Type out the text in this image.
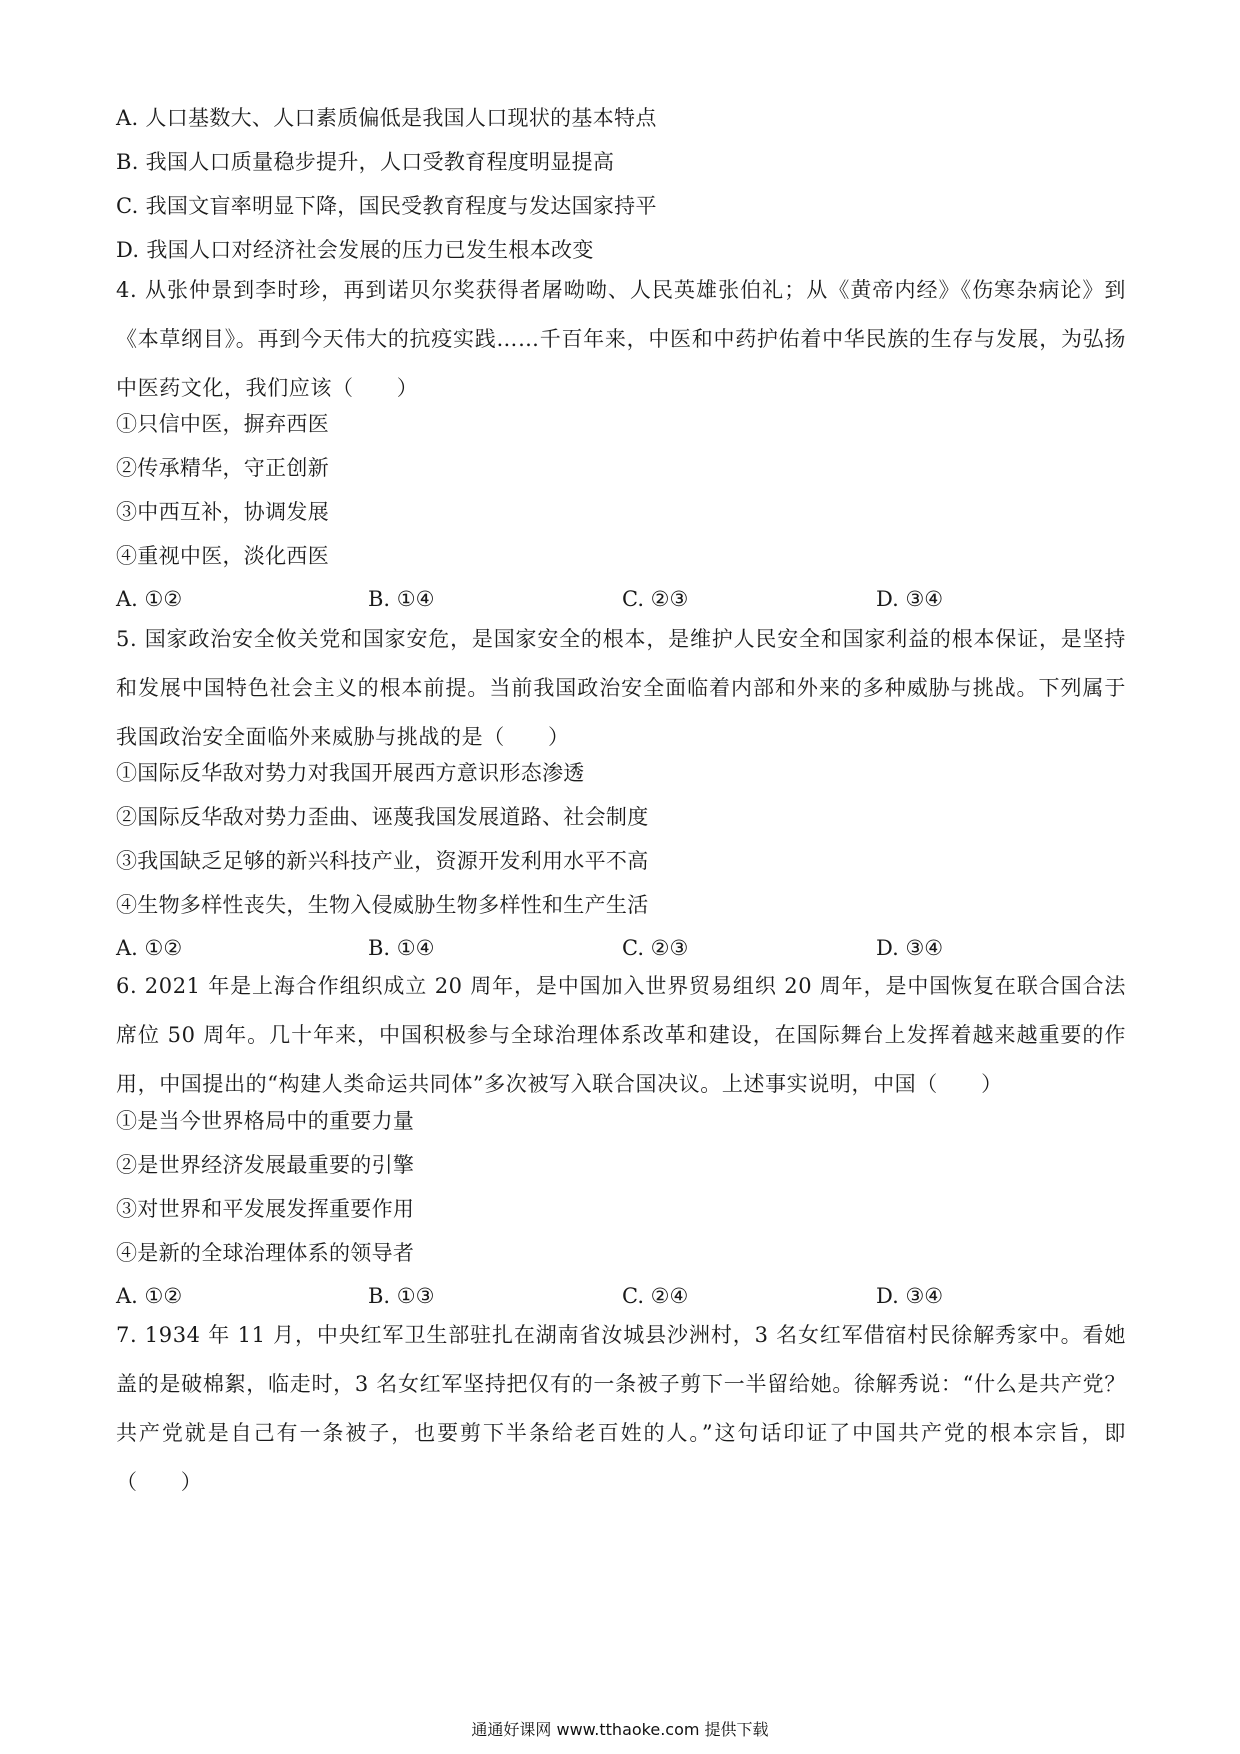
A. 人口基数大、人口素质偏低是我国人口现状的基本特点
B. 我国人口质量稳步提升，人口受教育程度明显提高
C. 我国文盲率明显下降，国民受教育程度与发达国家持平
D. 我国人口对经济社会发展的压力已发生根本改变
4. 从张仲景到李时珍，再到诺贝尔奖获得者屠呦呦、人民英雄张伯礼；从《黄帝内经》《伤寒杂病论》到《本草纲目》。再到今天伟大的抗疫实践……千百年来，中医和中药护佑着中华民族的生存与发展，为弘扬中医药文化，我们应该（　　）
①只信中医，摒弃西医
②传承精华，守正创新
③中西互补，协调发展
④重视中医，淡化西医
A. ①②	B. ①④	C. ②③	D. ③④
5. 国家政治安全攸关党和国家安危，是国家安全的根本，是维护人民安全和国家利益的根本保证，是坚持和发展中国特色社会主义的根本前提。当前我国政治安全面临着内部和外来的多种威胁与挑战。下列属于我国政治安全面临外来威胁与挑战的是（　　）
①国际反华敌对势力对我国开展西方意识形态渗透
②国际反华敌对势力歪曲、诬蔑我国发展道路、社会制度
③我国缺乏足够的新兴科技产业，资源开发利用水平不高
④生物多样性丧失，生物入侵威胁生物多样性和生产生活
A. ①②	B. ①④	C. ②③	D. ③④
6. 2021 年是上海合作组织成立 20 周年，是中国加入世界贸易组织 20 周年，是中国恢复在联合国合法席位 50 周年。几十年来，中国积极参与全球治理体系改革和建设，在国际舞台上发挥着越来越重要的作用，中国提出的“构建人类命运共同体”多次被写入联合国决议。上述事实说明，中国（　　）
①是当今世界格局中的重要力量
②是世界经济发展最重要的引擎
③对世界和平发展发挥重要作用
④是新的全球治理体系的领导者
A. ①②	B. ①③	C. ②④	D. ③④
7. 1934 年 11 月，中央红军卫生部驻扎在湖南省汝城县沙洲村，3 名女红军借宿村民徐解秀家中。看她盖的是破棉絮，临走时，3 名女红军坚持把仅有的一条被子剪下一半留给她。徐解秀说：“什么是共产党？共产党就是自己有一条被子，也要剪下半条给老百姓的人。”这句话印证了中国共产党的根本宗旨，即（　　）
通通好课网 www.tthaoke.com 提供下载
